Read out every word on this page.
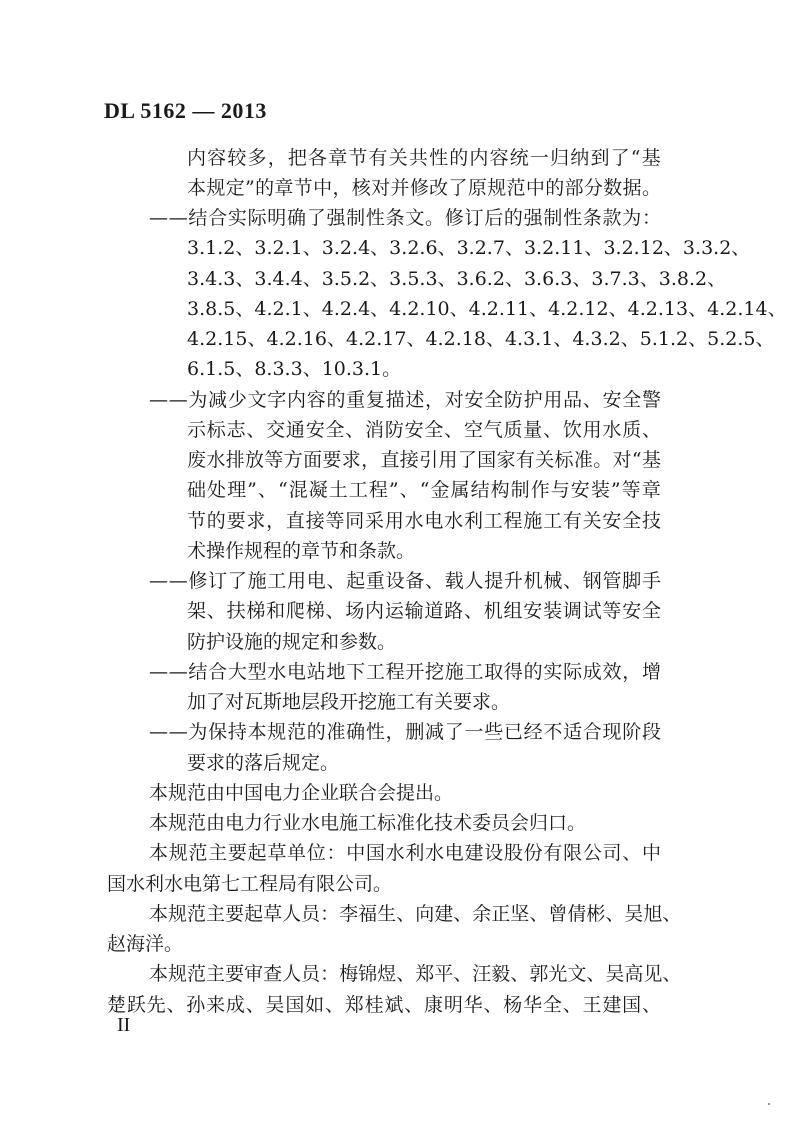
DL 5162 — 2013
内 容 较 多 ， 把 各 章 节 有 关 共 性 的 内 容 统 一 归 纳 到 了 “ 基
本 规 定 ” 的 章 节 中 ， 核 对 并 修 改 了 原 规 范 中 的 部 分 数 据 。
— — 结 合 实 际 明 确 了 强 制 性 条 文 。 修 订 后 的 强 制 性 条 款 为 ：
3 . 1 . 2 、 3 . 2 . 1 、 3 . 2 . 4 、 3 . 2 . 6 、 3 . 2 . 7 、 3 . 2 . 1 1 、 3 . 2 . 1 2 、 3 . 3 . 2 、
3 . 4 . 3 、 3 . 4 . 4 、 3 . 5 . 2 、 3 . 5 . 3 、 3 . 6 . 2 、 3 . 6 . 3 、 3 . 7 . 3 、 3 . 8 . 2 、
3 . 8 . 5 、 4 . 2 . 1 、 4 . 2 . 4 、 4 . 2 . 1 0 、 4 . 2 . 1 1 、 4 . 2 . 1 2 、 4 . 2 . 1 3 、 4 . 2 . 1 4 、
4 . 2 . 1 5 、 4 . 2 . 1 6 、 4 . 2 . 1 7 、 4 . 2 . 1 8 、 4 . 3 . 1 、 4 . 3 . 2 、 5 . 1 . 2 、 5 . 2 . 5 、
6.1.5、8.3.3、10.3.1。
— — 为 减 少 文 字 内 容 的 重 复 描 述 ， 对 安 全 防 护 用 品 、 安 全 警
示 标 志 、 交 通 安 全 、 消 防 安 全 、 空 气 质 量 、 饮 用 水 质 、
废 水 排 放 等 方 面 要 求 ， 直 接 引 用 了 国 家 有 关 标 准 。 对 “ 基
础 处 理 ” 、 “ 混 凝 土 工 程 ” 、 “ 金 属 结 构 制 作 与 安 装 ” 等 章
节 的 要 求 ， 直 接 等 同 采 用 水 电 水 利 工 程 施 工 有 关 安 全 技
术操作规程的章节和条款。
— — 修 订 了 施 工 用 电 、 起 重 设 备 、 载 人 提 升 机 械 、 钢 管 脚 手
架 、 扶 梯 和 爬 梯 、 场 内 运 输 道 路 、 机 组 安 装 调 试 等 安 全
防护设施的规定和参数。
— — 结 合 大 型 水 电 站 地 下 工 程 开 挖 施 工 取 得 的 实 际 成 效 ， 增
加了对瓦斯地层段开挖施工有关要求。
— — 为 保 持 本 规 范 的 准 确 性 ， 删 减 了 一 些 已 经 不 适 合 现 阶 段
要求的落后规定。
本规范由中国电力企业联合会提出。
本规范由电力行业水电施工标准化技术委员会归口。
本 规 范 主 要 起 草 单 位 ： 中 国 水 利 水 电 建 设 股 份 有 限 公 司 、 中
国水利水电第七工程局有限公司。
本 规 范 主 要 起 草 人 员 ： 李 福 生 、 向 建 、 余 正 坚 、 曾 倩 彬 、 吴 旭 、
赵海洋。
本 规 范 主 要 审 查 人 员 ： 梅 锦 煜 、 郑 平 、 汪 毅 、 郭 光 文 、 吴 高 见 、
楚 跃 先 、 孙 来 成 、 吴 国 如 、 郑 桂 斌 、 康 明 华 、 杨 华 全 、 王 建 国 、
II
